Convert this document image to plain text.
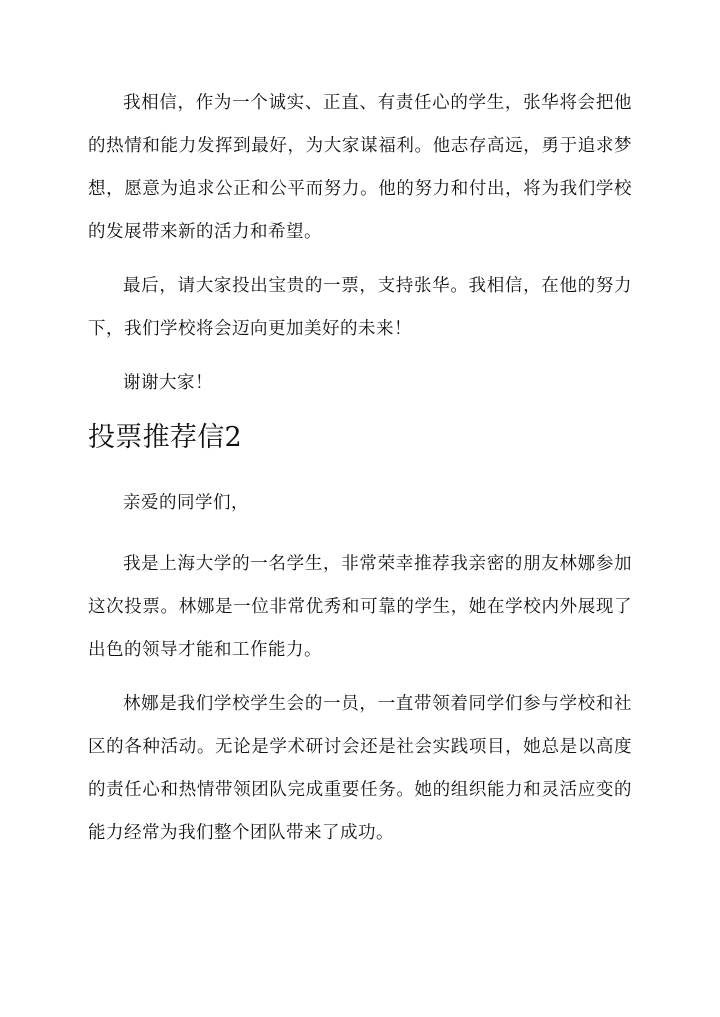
我相信，作为一个诚实、正直、有责任心的学生，张华将会把他的热情和能力发挥到最好，为大家谋福利。他志存高远，勇于追求梦想，愿意为追求公正和公平而努力。他的努力和付出，将为我们学校的发展带来新的活力和希望。

最后，请大家投出宝贵的一票，支持张华。我相信，在他的努力下，我们学校将会迈向更加美好的未来！

谢谢大家！

投票推荐信2

亲爱的同学们，

我是上海大学的一名学生，非常荣幸推荐我亲密的朋友林娜参加这次投票。林娜是一位非常优秀和可靠的学生，她在学校内外展现了出色的领导才能和工作能力。

林娜是我们学校学生会的一员，一直带领着同学们参与学校和社区的各种活动。无论是学术研讨会还是社会实践项目，她总是以高度的责任心和热情带领团队完成重要任务。她的组织能力和灵活应变的能力经常为我们整个团队带来了成功。
